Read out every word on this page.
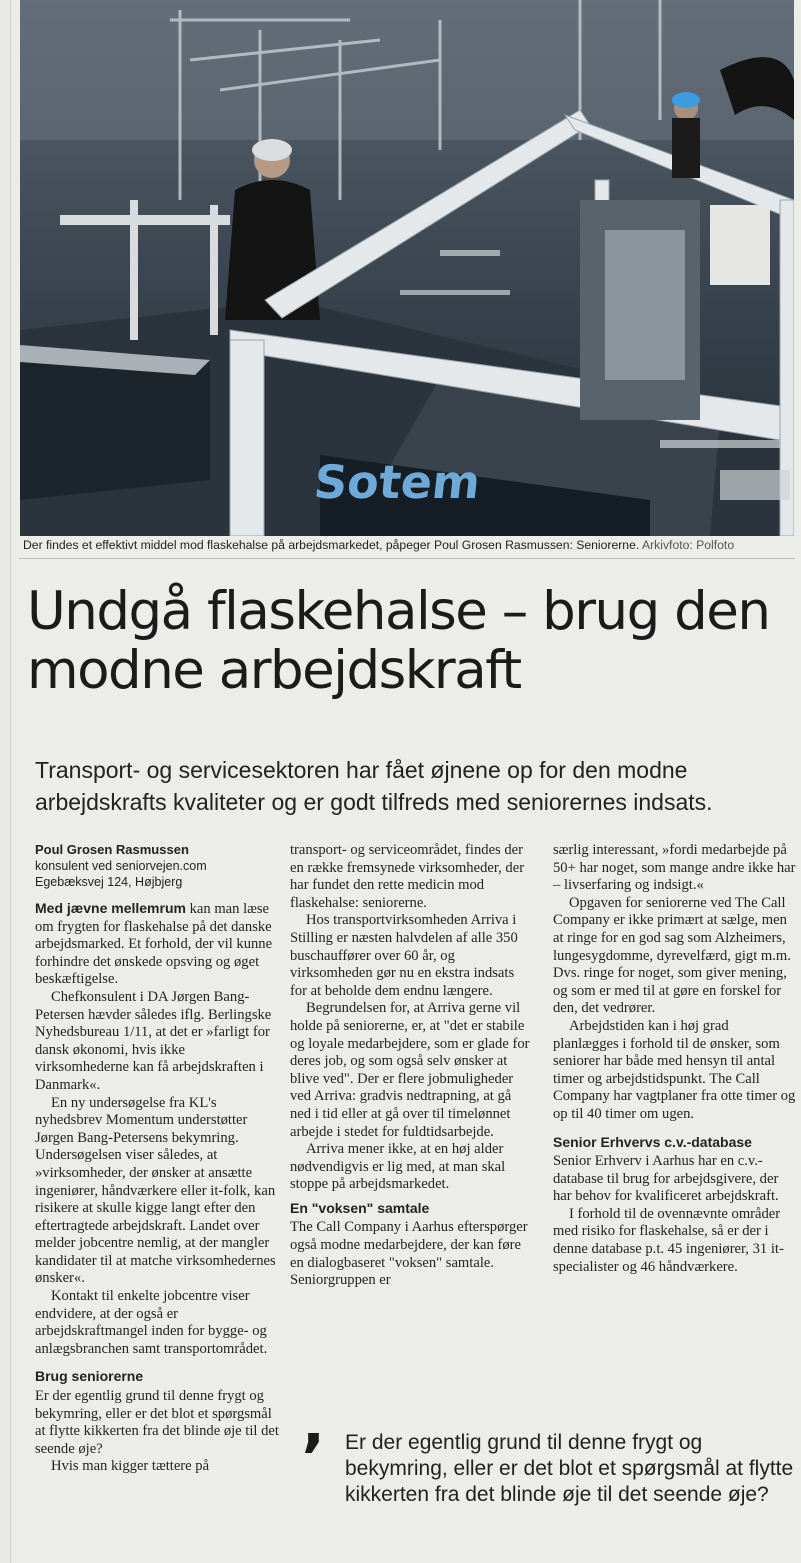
Sotem
Der findes et effektivt middel mod flaskehalse på arbejdsmarkedet, påpeger Poul Grosen Rasmussen: Seniorerne. Arkivfoto: Polfoto
Undgå flaskehalse – brug den modne arbejdskraft
Transport- og servicesektoren har fået øjnene op for den modne arbejdskrafts kvaliteter og er godt tilfreds med seniorernes indsats.
Poul Grosen Rasmussen
konsulent ved seniorvejen.com
Egebæksvej 124, Højbjerg

Med jævne mellemrum kan man læse om frygten for flaskehalse på det danske arbejdsmarked. Et forhold, der vil kunne forhindre det ønskede opsving og øget beskæftigelse.

Chefkonsulent i DA Jørgen Bang-Petersen hævder således iflg. Berlingske Nyhedsbureau 1/11, at det er »farligt for dansk økonomi, hvis ikke virksomhederne kan få arbejdskraften i Danmark«.

En ny undersøgelse fra KL's nyhedsbrev Momentum understøtter Jørgen Bang-Petersens bekymring. Undersøgelsen viser således, at »virksomheder, der ønsker at ansætte ingeniører, håndværkere eller it-folk, kan risikere at skulle kigge langt efter den eftertragtede arbejdskraft. Landet over melder jobcentre nemlig, at der mangler kandidater til at matche virksomhedernes ønsker«.

Kontakt til enkelte jobcentre viser endvidere, at der også er arbejdskraftmangel inden for bygge- og anlægsbranchen samt transportområdet.

Brug seniorerne

Er der egentlig grund til denne frygt og bekymring, eller er det blot et spørgsmål at flytte kikkerten fra det blinde øje til det seende øje?

Hvis man kigger tættere på

transport- og serviceområdet, findes der en række fremsynede virksomheder, der har fundet den rette medicin mod flaskehalse: seniorerne.

Hos transportvirksomheden Arriva i Stilling er næsten halvdelen af alle 350 buschauffører over 60 år, og virksomheden gør nu en ekstra indsats for at beholde dem endnu længere.

Begrundelsen for, at Arriva gerne vil holde på seniorerne, er, at "det er stabile og loyale medarbejdere, som er glade for deres job, og som også selv ønsker at blive ved". Der er flere jobmuligheder ved Arriva: gradvis nedtrapning, at gå ned i tid eller at gå over til timelønnet arbejde i stedet for fuldtidsarbejde.

Arriva mener ikke, at en høj alder nødvendigvis er lig med, at man skal stoppe på arbejdsmarkedet.

En "voksen" samtale

The Call Company i Aarhus efterspørger også modne medarbejdere, der kan føre en dialogbaseret "voksen" samtale. Seniorgruppen er

særlig interessant, »fordi medarbejde på 50+ har noget, som mange andre ikke har – livserfaring og indsigt.«

Opgaven for seniorerne ved The Call Company er ikke primært at sælge, men at ringe for en god sag som Alzheimers, lungesygdomme, dyrevelfærd, gigt m.m. Dvs. ringe for noget, som giver mening, og som er med til at gøre en forskel for den, det vedrører.

Arbejdstiden kan i høj grad planlægges i forhold til de ønsker, som seniorer har både med hensyn til antal timer og arbejdstidspunkt. The Call Company har vagtplaner fra otte timer og op til 40 timer om ugen.

Senior Erhvervs c.v.-database

Senior Erhverv i Aarhus har en c.v.-database til brug for arbejdsgivere, der har behov for kvalificeret arbejdskraft.

I forhold til de ovennævnte områder med risiko for flaskehalse, så er der i denne database p.t. 45 ingeniører, 31 it-specialister og 46 håndværkere.

’ Er der egentlig grund til denne frygt og bekymring, eller er det blot et spørgsmål at flytte kikkerten fra det blinde øje til det seende øje?
